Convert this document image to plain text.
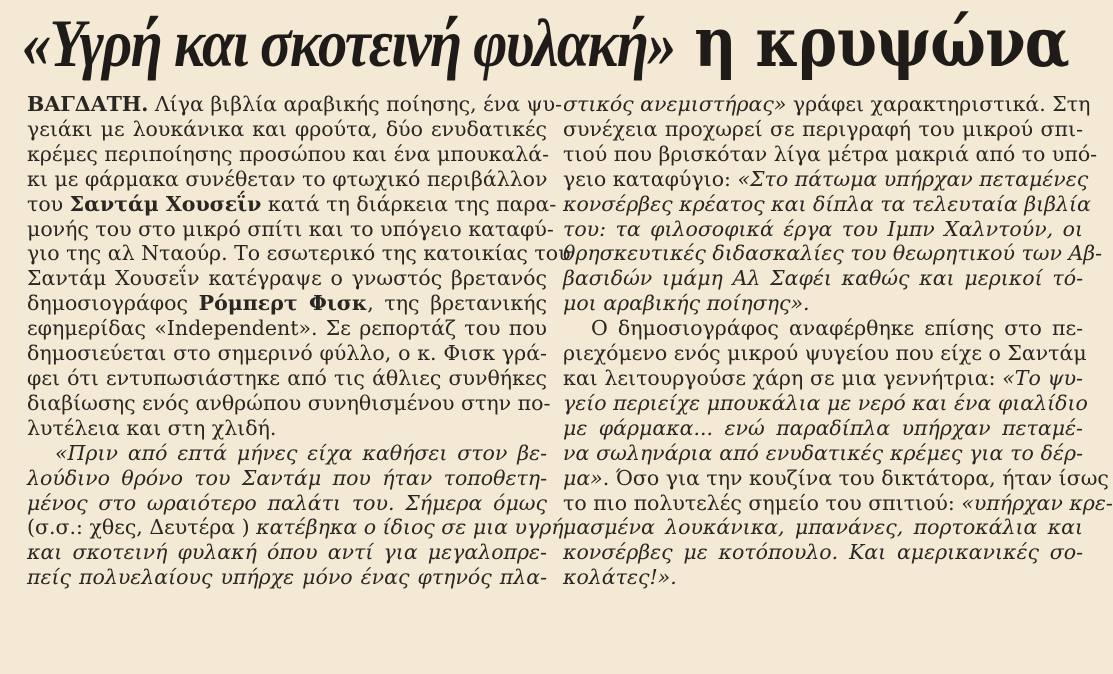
«Υγρή και σκοτεινή φυλακή» η κρυψώνα
ΒΑΓΔΑΤΗ. Λίγα βιβλία αραβικής ποίησης, ένα ψυ-
γειάκι με λουκάνικα και φρούτα, δύο ενυδατικές
κρέμες περιποίησης προσώπου και ένα μπουκαλά-
κι με φάρμακα συνέθεταν το φτωχικό περιβάλλον
του Σαντάμ Χουσεΐν κατά τη διάρκεια της παρα-
μονής του στο μικρό σπίτι και το υπόγειο καταφύ-
γιο της αλ Νταούρ. Το εσωτερικό της κατοικίας του
Σαντάμ Χουσεΐν κατέγραψε ο γνωστός βρετανός
δημοσιογράφος Ρόμπερτ Φισκ, της βρετανικής
εφημερίδας «Independent». Σε ρεπορτάζ του που
δημοσιεύεται στο σημερινό φύλλο, ο κ. Φισκ γρά-
φει ότι εντυπωσιάστηκε από τις άθλιες συνθήκες
διαβίωσης ενός ανθρώπου συνηθισμένου στην πο-
λυτέλεια και στη χλιδή.
«Πριν από επτά μήνες είχα καθήσει στον βε-
λούδινο θρόνο του Σαντάμ που ήταν τοποθετη-
μένος στο ωραιότερο παλάτι του. Σήμερα όμως
(σ.σ.: χθες, Δευτέρα ) κατέβηκα ο ίδιος σε μια υγρή
και σκοτεινή φυλακή όπου αντί για μεγαλοπρε-
πείς πολυελαίους υπήρχε μόνο ένας φτηνός πλα-
στικός ανεμιστήρας» γράφει χαρακτηριστικά. Στη
συνέχεια προχωρεί σε περιγραφή του μικρού σπι-
τιού που βρισκόταν λίγα μέτρα μακριά από το υπό-
γειο καταφύγιο: «Στο πάτωμα υπήρχαν πεταμένες
κονσέρβες κρέατος και δίπλα τα τελευταία βιβλία
του: τα φιλοσοφικά έργα του Ιμπν Χαλντούν, οι
θρησκευτικές διδασκαλίες του θεωρητικού των Αβ-
βασιδών ιμάμη Αλ Σαφέι καθώς και μερικοί τό-
μοι αραβικής ποίησης».
Ο δημοσιογράφος αναφέρθηκε επίσης στο πε-
ριεχόμενο ενός μικρού ψυγείου που είχε ο Σαντάμ
και λειτουργούσε χάρη σε μια γεννήτρια: «Το ψυ-
γείο περιείχε μπουκάλια με νερό και ένα φιαλίδιο
με φάρμακα... ενώ παραδίπλα υπήρχαν πεταμέ-
να σωληνάρια από ενυδατικές κρέμες για το δέρ-
μα». Όσο για την κουζίνα του δικτάτορα, ήταν ίσως
το πιο πολυτελές σημείο του σπιτιού: «υπήρχαν κρε-
μασμένα λουκάνικα, μπανάνες, πορτοκάλια και
κονσέρβες με κοτόπουλο. Και αμερικανικές σο-
κολάτες!».
